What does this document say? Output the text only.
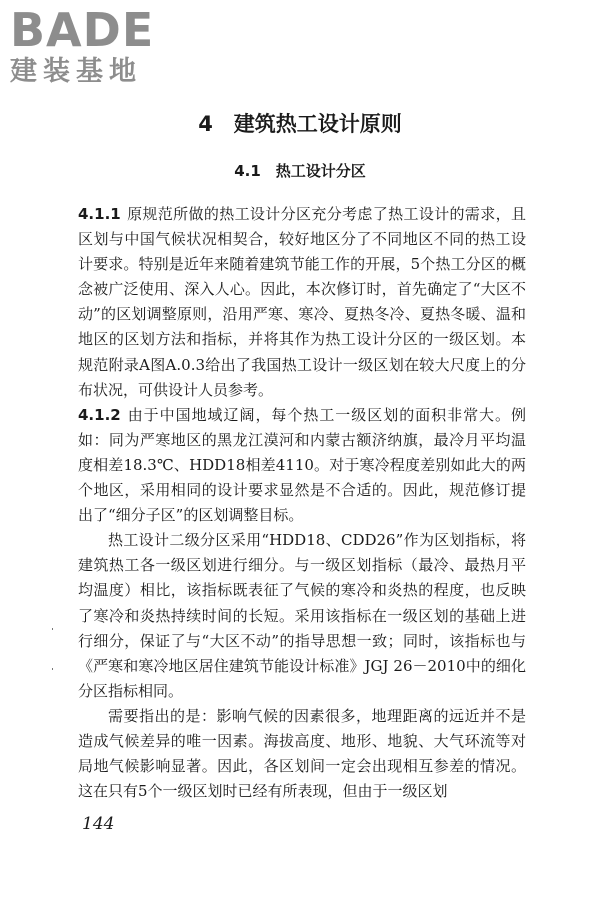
BADE
建装基地
4　建筑热工设计原则
4.1　热工设计分区

4.1.1 原规范所做的热工设计分区充分考虑了热工设计的需求，且区划与中国气候状况相契合，较好地区分了不同地区不同的热工设计要求。特别是近年来随着建筑节能工作的开展，5个热工分区的概念被广泛使用、深入人心。因此，本次修订时，首先确定了“大区不动”的区划调整原则，沿用严寒、寒冷、夏热冬冷、夏热冬暖、温和地区的区划方法和指标，并将其作为热工设计分区的一级区划。本规范附录A图A.0.3给出了我国热工设计一级区划在较大尺度上的分布状况，可供设计人员参考。

4.1.2 由于中国地域辽阔，每个热工一级区划的面积非常大。例如：同为严寒地区的黑龙江漠河和内蒙古额济纳旗，最冷月平均温度相差18.3℃、HDD18相差4110。对于寒冷程度差别如此大的两个地区，采用相同的设计要求显然是不合适的。因此，规范修订提出了“细分子区”的区划调整目标。

热工设计二级分区采用“HDD18、CDD26”作为区划指标，将建筑热工各一级区划进行细分。与一级区划指标（最冷、最热月平均温度）相比，该指标既表征了气候的寒冷和炎热的程度，也反映了寒冷和炎热持续时间的长短。采用该指标在一级区划的基础上进行细分，保证了与“大区不动”的指导思想一致；同时，该指标也与《严寒和寒冷地区居住建筑节能设计标准》JGJ 26－2010中的细化分区指标相同。

需要指出的是：影响气候的因素很多，地理距离的远近并不是造成气候差异的唯一因素。海拔高度、地形、地貌、大气环流等对局地气候影响显著。因此，各区划间一定会出现相互参差的情况。这在只有5个一级区划时已经有所表现，但由于一级区划

144
